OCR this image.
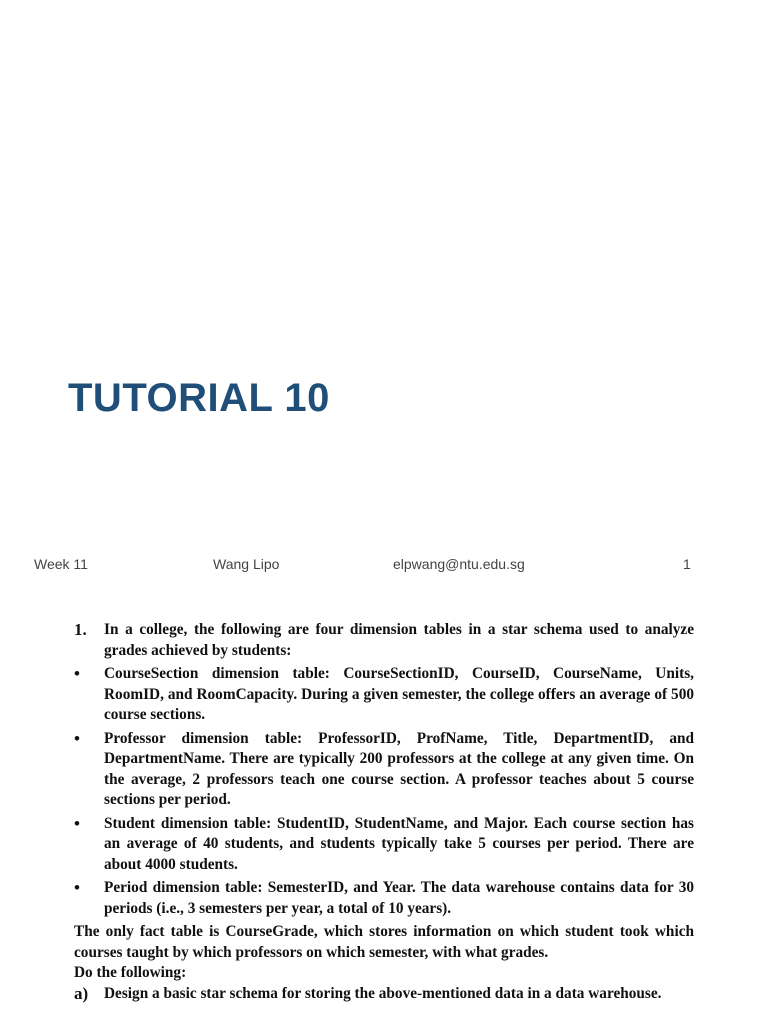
TUTORIAL 10
Week 11	Wang Lipo	elpwang@ntu.edu.sg	1
1.	In a college, the following are four dimension tables in a star schema used to analyze grades achieved by students:
•	CourseSection dimension table: CourseSectionID, CourseID, CourseName, Units, RoomID, and RoomCapacity. During a given semester, the college offers an average of 500 course sections.
•	Professor dimension table: ProfessorID, ProfName, Title, DepartmentID, and DepartmentName. There are typically 200 professors at the college at any given time. On the average, 2 professors teach one course section. A professor teaches about 5 course sections per period.
•	Student dimension table: StudentID, StudentName, and Major. Each course section has an average of 40 students, and students typically take 5 courses per period. There are about 4000 students.
•	Period dimension table: SemesterID, and Year. The data warehouse contains data for 30 periods (i.e., 3 semesters per year, a total of 10 years).
The only fact table is CourseGrade, which stores information on which student took which courses taught by which professors on which semester, with what grades.
Do the following:
a)	Design a basic star schema for storing the above-mentioned data in a data warehouse.
